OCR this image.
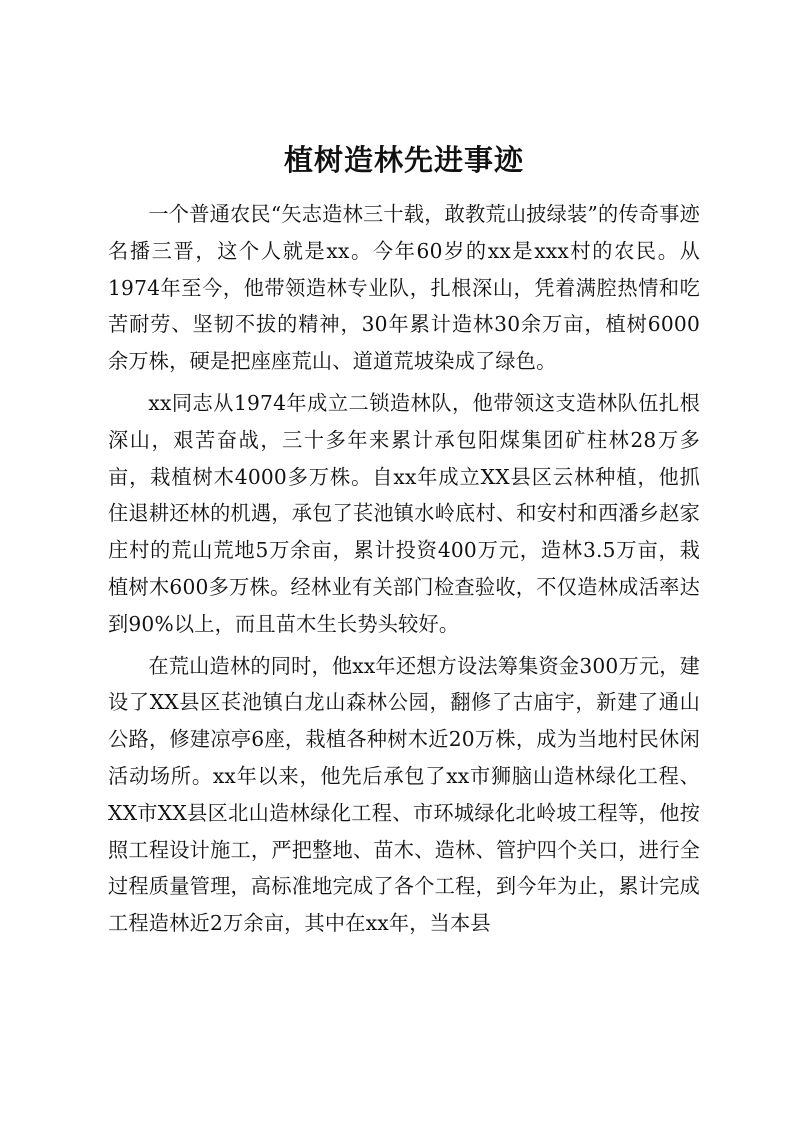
植树造林先进事迹

一个普通农民“矢志造林三十载，敢教荒山披绿装”的传奇事迹名播三晋，这个人就是xx。今年60岁的xx是xxx村的农民。从1974年至今，他带领造林专业队，扎根深山，凭着满腔热情和吃苦耐劳、坚韧不拔的精神，30年累计造林30余万亩，植树6000余万株，硬是把座座荒山、道道荒坡染成了绿色。

xx同志从1974年成立二锁造林队，他带领这支造林队伍扎根深山，艰苦奋战，三十多年来累计承包阳煤集团矿柱林28万多亩，栽植树木4000多万株。自xx年成立XX县区云林种植，他抓住退耕还林的机遇，承包了苌池镇水岭底村、和安村和西潘乡赵家庄村的荒山荒地5万余亩，累计投资400万元，造林3.5万亩，栽植树木600多万株。经林业有关部门检查验收，不仅造林成活率达到90%以上，而且苗木生长势头较好。

在荒山造林的同时，他xx年还想方设法筹集资金300万元，建设了XX县区苌池镇白龙山森林公园，翻修了古庙宇，新建了通山公路，修建凉亭6座，栽植各种树木近20万株，成为当地村民休闲活动场所。xx年以来，他先后承包了xx市狮脑山造林绿化工程、XX市XX县区北山造林绿化工程、市环城绿化北岭坡工程等，他按照工程设计施工，严把整地、苗木、造林、管护四个关口，进行全过程质量管理，高标准地完成了各个工程，到今年为止，累计完成工程造林近2万余亩，其中在xx年，当本县
